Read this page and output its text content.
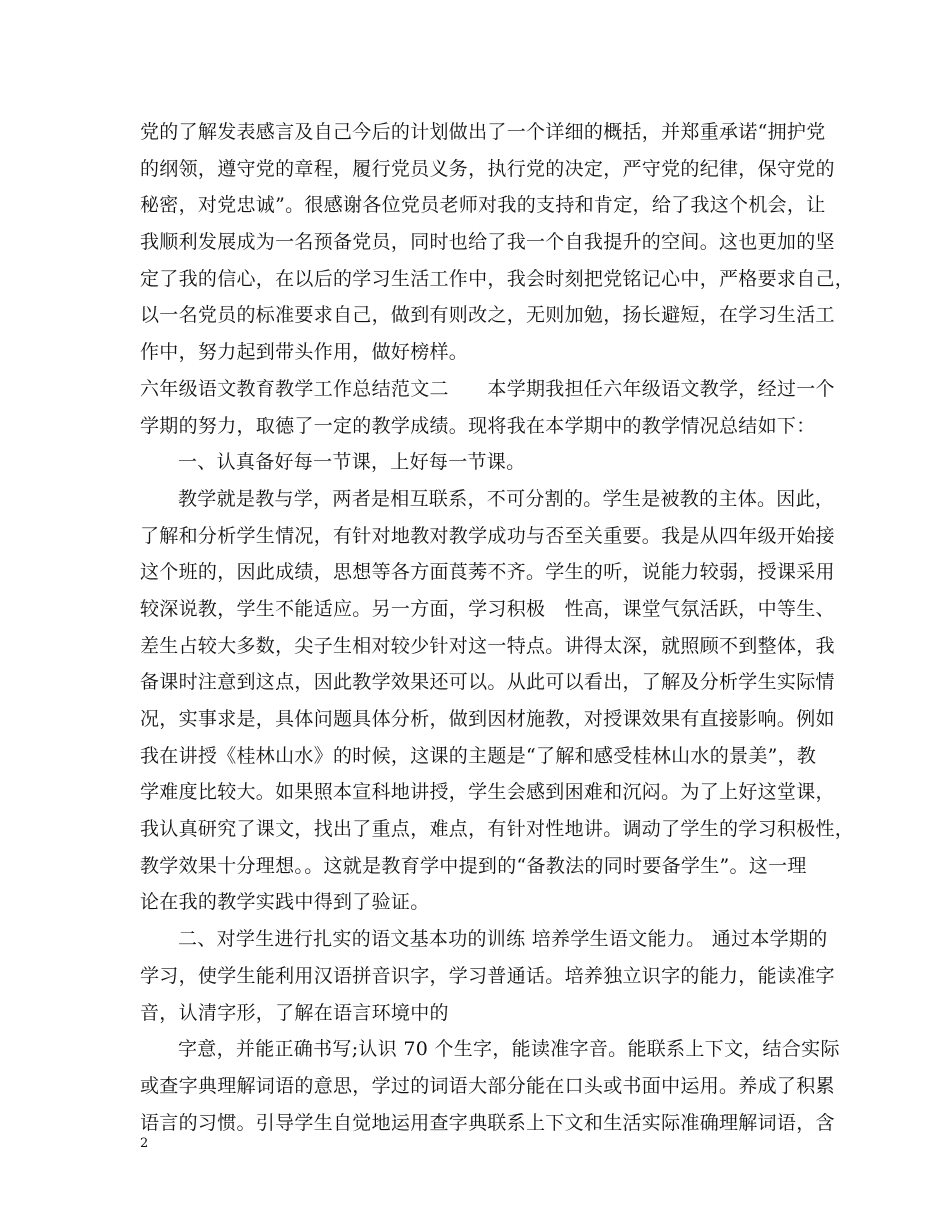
党的了解发表感言及自己今后的计划做出了一个详细的概括，并郑重承诺“拥护党
的纲领，遵守党的章程，履行党员义务，执行党的决定，严守党的纪律，保守党的
秘密，对党忠诚”。很感谢各位党员老师对我的支持和肯定，给了我这个机会，让
我顺利发展成为一名预备党员，同时也给了我一个自我提升的空间。这也更加的坚
定了我的信心，在以后的学习生活工作中，我会时刻把党铭记心中，严格要求自己，
以一名党员的标准要求自己，做到有则改之，无则加勉，扬长避短，在学习生活工
作中，努力起到带头作用，做好榜样。
六年级语文教育教学工作总结范文二　　本学期我担任六年级语文教学，经过一个
学期的努力，取德了一定的教学成绩。现将我在本学期中的教学情况总结如下：
一、认真备好每一节课，上好每一节课。
教学就是教与学，两者是相互联系，不可分割的。学生是被教的主体。因此，
了解和分析学生情况，有针对地教对教学成功与否至关重要。我是从四年级开始接
这个班的，因此成绩，思想等各方面莨莠不齐。学生的听，说能力较弱，授课采用
较深说教，学生不能适应。另一方面，学习积极　性高，课堂气氛活跃，中等生、
差生占较大多数，尖子生相对较少针对这一特点。讲得太深，就照顾不到整体，我
备课时注意到这点，因此教学效果还可以。从此可以看出，了解及分析学生实际情
况，实事求是，具体问题具体分析，做到因材施教，对授课效果有直接影响。例如
我在讲授《桂林山水》的时候，这课的主题是“了解和感受桂林山水的景美”，教
学难度比较大。如果照本宣科地讲授，学生会感到困难和沉闷。为了上好这堂课，
我认真研究了课文，找出了重点，难点，有针对性地讲。调动了学生的学习积极性，
教学效果十分理想。。这就是教育学中提到的“备教法的同时要备学生”。这一理
论在我的教学实践中得到了验证。
二、对学生进行扎实的语文基本功的训练 培养学生语文能力。 通过本学期的
学习，使学生能利用汉语拼音识字，学习普通话。培养独立识字的能力，能读准字
音，认清字形，了解在语言环境中的
字意，并能正确书写;认识 70 个生字，能读准字音。能联系上下文，结合实际
或查字典理解词语的意思，学过的词语大部分能在口头或书面中运用。养成了积累
语言的习惯。引导学生自觉地运用查字典联系上下文和生活实际准确理解词语，含
2
